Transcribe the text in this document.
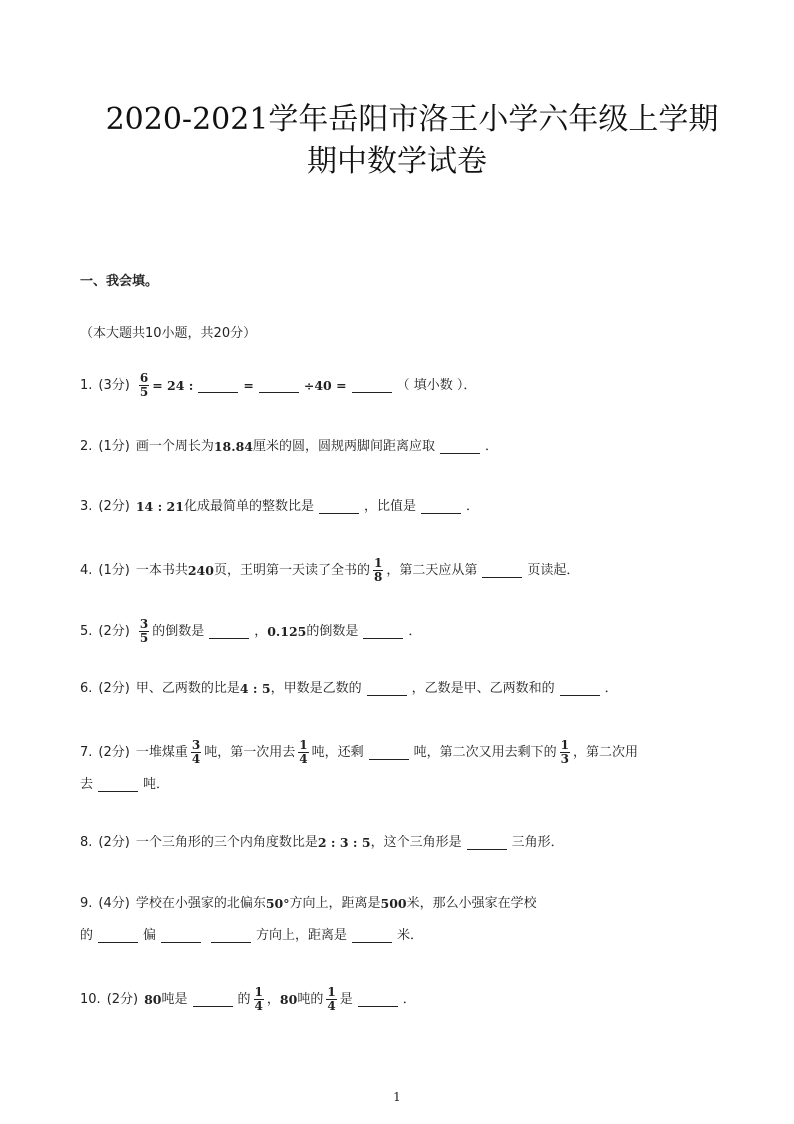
2020-2021学年岳阳市洛王小学六年级上学期
期中数学试卷
一、我会填。
（本大题共10小题，共20分）
1. (3分) $\frac{6}{5} = 24$ :	=	÷40 =	（ 填小数 ）．
2. (1分) 画一个周长为 18.84 厘米的圆，圆规两脚间距离应取	．
3. (2分) 14 : 21 化成最简单的整数比是	，比值是	．
4. (1分) 一本书共 240 页，王明第一天读了全书的 $\frac{1}{8}$ ，第二天应从第	页读起．
5. (2分) $\frac{3}{5}$ 的倒数是	， 0.125 的倒数是	．
6. (2分) 甲、乙两数的比是 4 : 5 ，甲数是乙数的	，乙数是甲、乙两数和的	．
7. (2分) 一堆煤重 $\frac{3}{4}$ 吨，第一次用去 $\frac{1}{4}$ 吨，还剩	吨，第二次又用去剩下的 $\frac{1}{3}$ ，第二次用
去	吨．
8. (2分) 一个三角形的三个内角度数比是 2 : 3 : 5 ，这个三角形是	三角形．
9. (4分) 学校在小强家的北偏东 50° 方向上，距离是 500 米，那么小强家在学校
的	偏	方向上，距离是	米．
10. (2分) 80 吨是	的 $\frac{1}{4}$ ， 80 吨的 $\frac{1}{4}$ 是	．
1
